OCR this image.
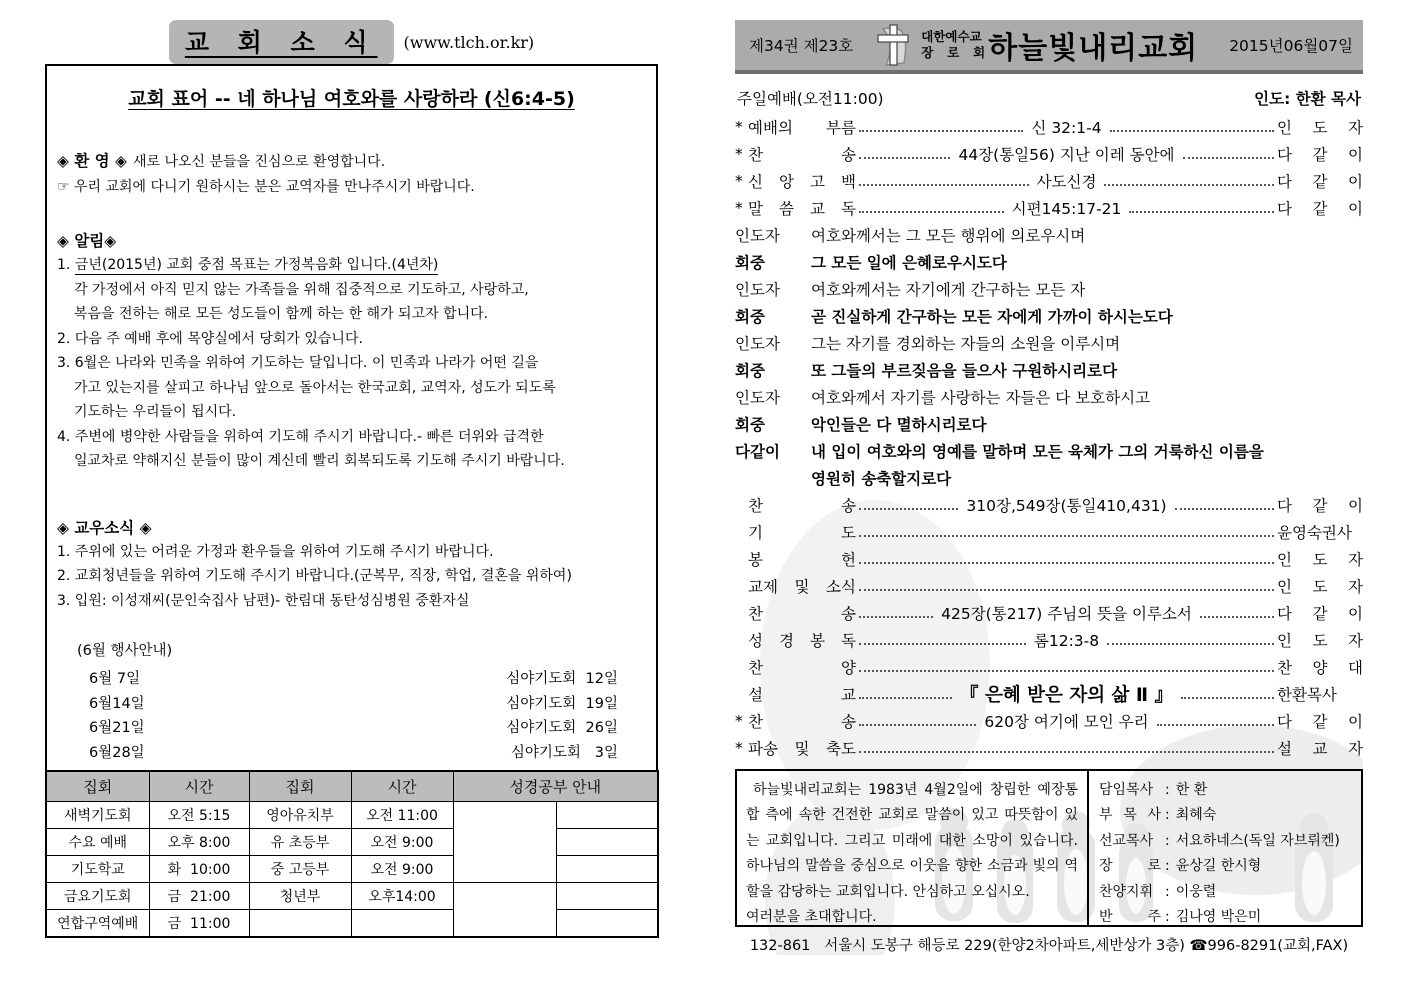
교 회 소 식	(www.tlch.or.kr)
교회 표어 -- 네 하나님 여호와를 사랑하라 (신6:4-5)
◈ 환 영 ◈ 새로 나오신 분들을 진심으로 환영합니다.
☞ 우리 교회에 다니기 원하시는 분은 교역자를 만나주시기 바랍니다.
◈ 알림◈
1. 금년(2015년) 교회 중점 목표는 가정복음화 입니다.(4년차)
각 가정에서 아직 믿지 않는 가족들을 위해 집중적으로 기도하고, 사랑하고,
복음을 전하는 해로 모든 성도들이 함께 하는 한 해가 되고자 합니다.
2. 다음 주 예배 후에 목양실에서 당회가 있습니다.
3. 6월은 나라와 민족을 위하여 기도하는 달입니다. 이 민족과 나라가 어떤 길을
가고 있는지를 살피고 하나님 앞으로 돌아서는 한국교회, 교역자, 성도가 되도록
기도하는 우리들이 됩시다.
4. 주변에 병약한 사람들을 위하여 기도해 주시기 바랍니다.- 빠른 더위와 급격한
일교차로 약해지신 분들이 많이 계신데 빨리 회복되도록 기도해 주시기 바랍니다.
◈ 교우소식 ◈
1. 주위에 있는 어려운 가정과 환우들을 위하여 기도해 주시기 바랍니다.
2. 교회청년들을 위하여 기도해 주시기 바랍니다.(군복무, 직장, 학업, 결혼을 위하여)
3. 입원: 이성재씨(문인숙집사 남편)- 한림대 동탄성심병원 중환자실
(6월 행사안내)
6월 7일	심야기도회  12일
6월14일	심야기도회  19일
6월21일	심야기도회  26일
6월28일	심야기도회   3일
집회	시간	집회	시간	성경공부 안내	
새벽기도회	오전 5:15	영아유치부	오전 11:00		
수요 예배	오후 8:00	유 초등부	오전 9:00		
기도학교	화  10:00	중 고등부	오전 9:00		
금요기도회	금  21:00	청년부	오후14:00		
연합구역예배	금  11:00				
제34권 제23호
대한예수교
장 로 회 하늘빛내리교회 2015년06월07일
주일예배(오전11:00)	인도: 한환 목사
* 예배의 부름	신 32:1-4	인 도 자
* 찬 송	44장(통일56) 지난 이레 동안에	다 같 이
* 신 앙 고 백	사도신경	다 같 이
* 말 씀 교 독	시편145:17-21	다 같 이
인도자	여호와께서는 그 모든 행위에 의로우시며
회중	그 모든 일에 은혜로우시도다
인도자	여호와께서는 자기에게 간구하는 모든 자
회중	곧 진실하게 간구하는 모든 자에게 가까이 하시는도다
인도자	그는 자기를 경외하는 자들의 소원을 이루시며
회중	또 그들의 부르짖음을 들으사 구원하시리로다
인도자	여호와께서 자기를 사랑하는 자들은 다 보호하시고
회중	악인들은 다 멸하시리로다
다같이	내 입이 여호와의 영예를 말하며 모든 육체가 그의 거룩하신 이름을
영원히 송축할지로다
찬 송	310장,549장(통일410,431)	다 같 이
기 도	윤영숙권사
봉 헌	인 도 자
교제 및 소식	인 도 자
찬 송	425장(통217) 주님의 뜻을 이루소서	다 같 이
성 경 봉 독	롬12:3-8	인 도 자
찬 양	찬 양 대
설 교	『 은혜 받은 자의 삶 Ⅱ 』	한환목사
* 찬 송	620장 여기에 모인 우리	다 같 이
* 파송 및 축도	설 교 자
하늘빛내리교회는 1983년 4월2일에 창립한 예장통합 측에 속한 건전한 교회로 말씀이 있고 따뜻함이 있는 교회입니다. 그리고 미래에 대한 소망이 있습니다. 하나님의 말씀을 중심으로 이웃을 향한 소금과 빛의 역할을 감당하는 교회입니다. 안심하고 오십시오.
여러분을 초대합니다.
담임목사 : 한 환
부 목 사 : 최혜숙
선교목사 : 서요하네스(독일 자브뤼켄)
장 로 : 윤상길 한시형
찬양지휘 : 이웅렬
반 주 : 김나영 박은미
132-861   서울시 도봉구 해등로 229(한양2차아파트,세반상가 3층) ☎996-8291(교회,FAX)
